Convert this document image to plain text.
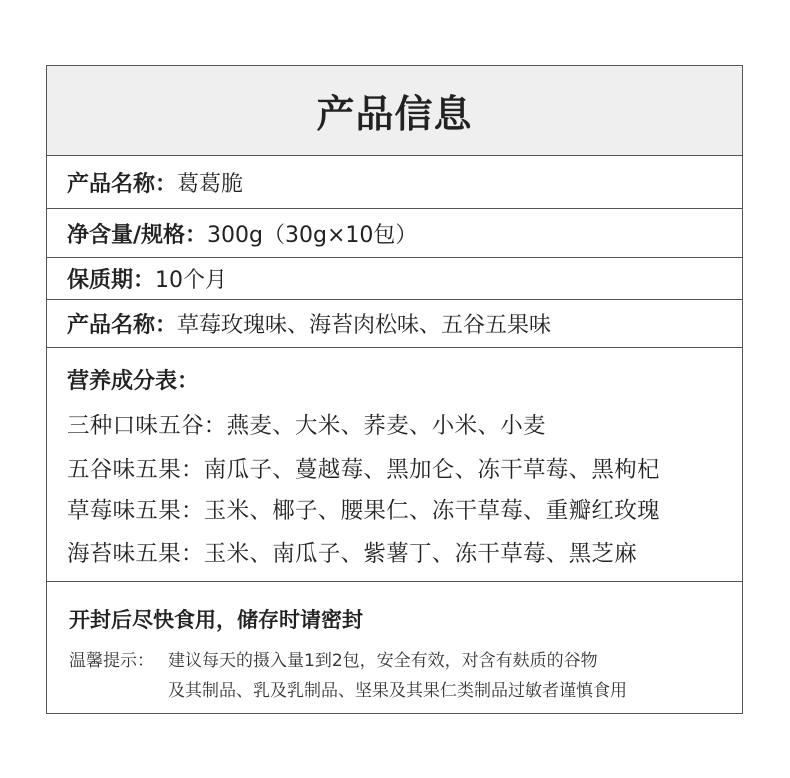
产品信息
产品名称： 葛葛脆
净含量/规格： 300g（30g×10包）
保质期： 10个月
产品名称： 草莓玫瑰味、海苔肉松味、五谷五果味
营养成分表：
三种口味五谷：燕麦、大米、荞麦、小米、小麦
五谷味五果：南瓜子、蔓越莓、黑加仑、冻干草莓、黑枸杞
草莓味五果：玉米、椰子、腰果仁、冻干草莓、重瓣红玫瑰
海苔味五果：玉米、南瓜子、紫薯丁、冻干草莓、黑芝麻
开封后尽快食用，储存时请密封
温馨提示： 建议每天的摄入量1到2包，安全有效，对含有麸质的谷物
及其制品、乳及乳制品、坚果及其果仁类制品过敏者谨慎食用
